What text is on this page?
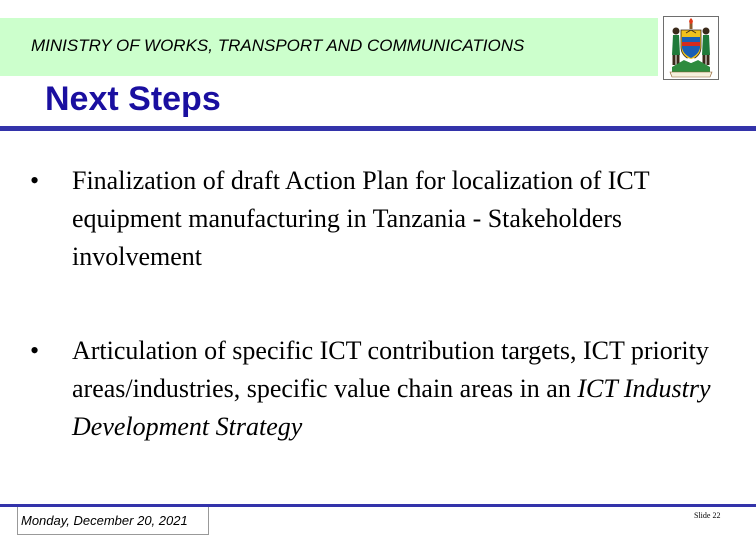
MINISTRY OF WORKS, TRANSPORT AND COMMUNICATIONS
Next Steps
• Finalization of draft Action Plan for localization of ICT equipment manufacturing in Tanzania - Stakeholders involvement
• Articulation of specific ICT contribution targets, ICT priority areas/industries, specific value chain areas in an ICT Industry Development Strategy
Monday, December 20, 2021	Slide 22
